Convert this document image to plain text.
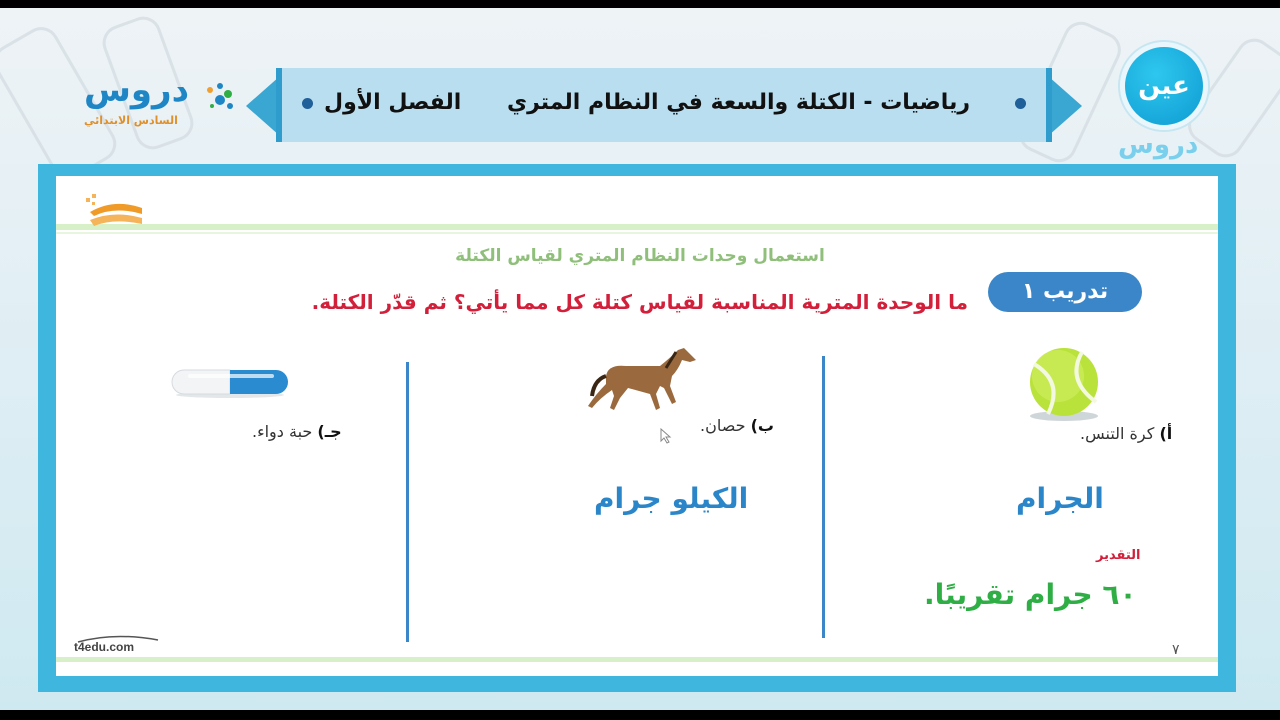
دروس
السادس الابتدائي
رياضيات - الكتلة والسعة في النظام المتري
الفصل الأول
عين
دروس
استعمال وحدات النظام المتري لقياس الكتلة
تدريب ١
ما الوحدة المترية المناسبة لقياس كتلة كل مما يأتي؟ ثم قدّر الكتلة.
أ) كرة التنس.
الجرام
ب) حصان.
الكيلو جرام
جـ) حبة دواء.
التقدير
٦٠ جرام تقريبًا.
t4edu.com	٧
